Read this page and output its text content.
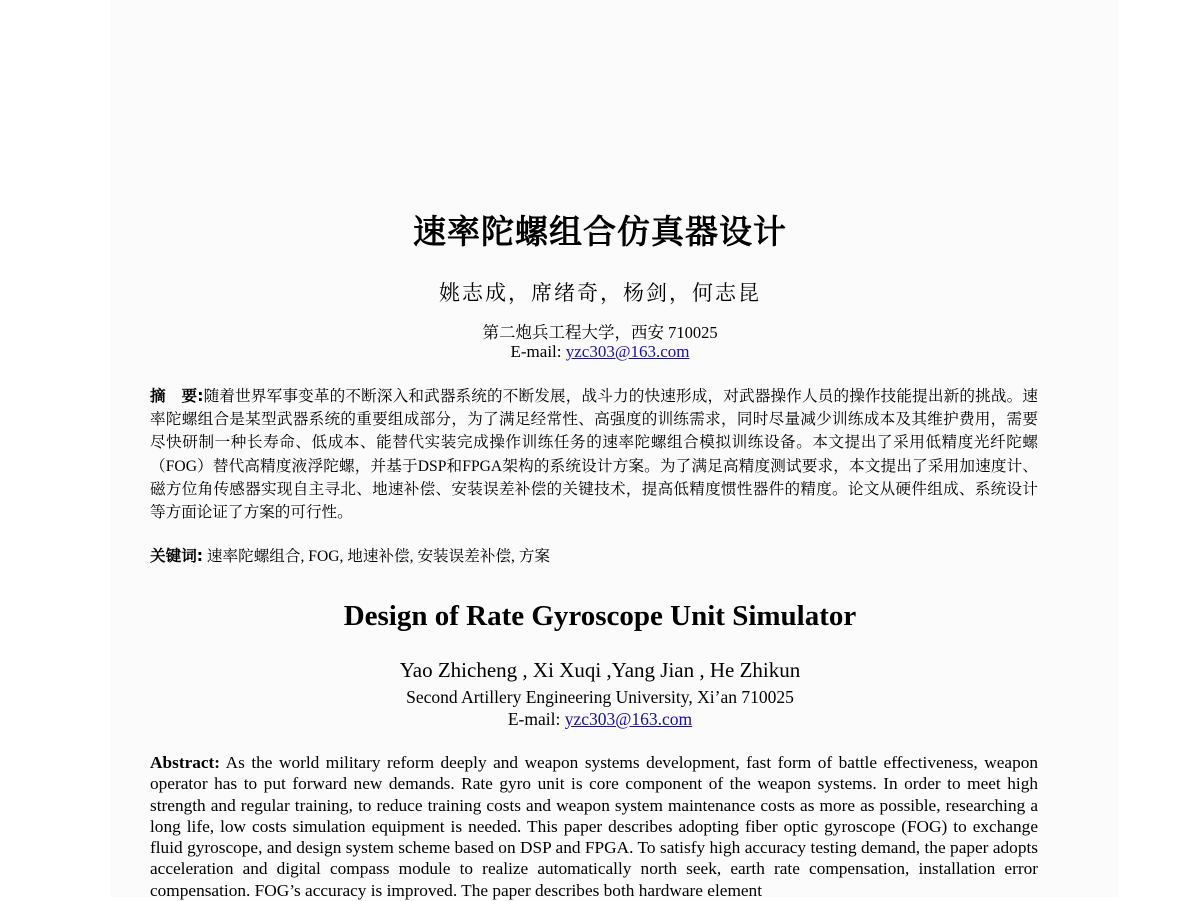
速率陀螺组合仿真器设计
姚志成，席绪奇，杨剑，何志昆
第二炮兵工程大学，西安 710025
E-mail: yzc303@163.com
摘　要:随着世界军事变革的不断深入和武器系统的不断发展，战斗力的快速形成，对武器操作人员的操作技能提出新的挑战。速率陀螺组合是某型武器系统的重要组成部分，为了满足经常性、高强度的训练需求，同时尽量减少训练成本及其维护费用，需要尽快研制一种长寿命、低成本、能替代实装完成操作训练任务的速率陀螺组合模拟训练设备。本文提出了采用低精度光纤陀螺（FOG）替代高精度液浮陀螺，并基于DSP和FPGA架构的系统设计方案。为了满足高精度测试要求，本文提出了采用加速度计、磁方位角传感器实现自主寻北、地速补偿、安装误差补偿的关键技术，提高低精度惯性器件的精度。论文从硬件组成、系统设计等方面论证了方案的可行性。
关键词: 速率陀螺组合, FOG, 地速补偿, 安装误差补偿, 方案
Design of Rate Gyroscope Unit Simulator
Yao Zhicheng , Xi Xuqi ,Yang Jian , He Zhikun
Second Artillery Engineering University, Xi’an 710025
E-mail: yzc303@163.com
Abstract: As the world military reform deeply and weapon systems development, fast form of battle effectiveness, weapon operator has to put forward new demands. Rate gyro unit is core component of the weapon systems. In order to meet high strength and regular training, to reduce training costs and weapon system maintenance costs as more as possible, researching a long life, low costs simulation equipment is needed. This paper describes adopting fiber optic gyroscope (FOG) to exchange fluid gyroscope, and design system scheme based on DSP and FPGA. To satisfy high accuracy testing demand, the paper adopts acceleration and digital compass module to realize automatically north seek, earth rate compensation, installation error compensation. FOG’s accuracy is improved. The paper describes both hardware element
